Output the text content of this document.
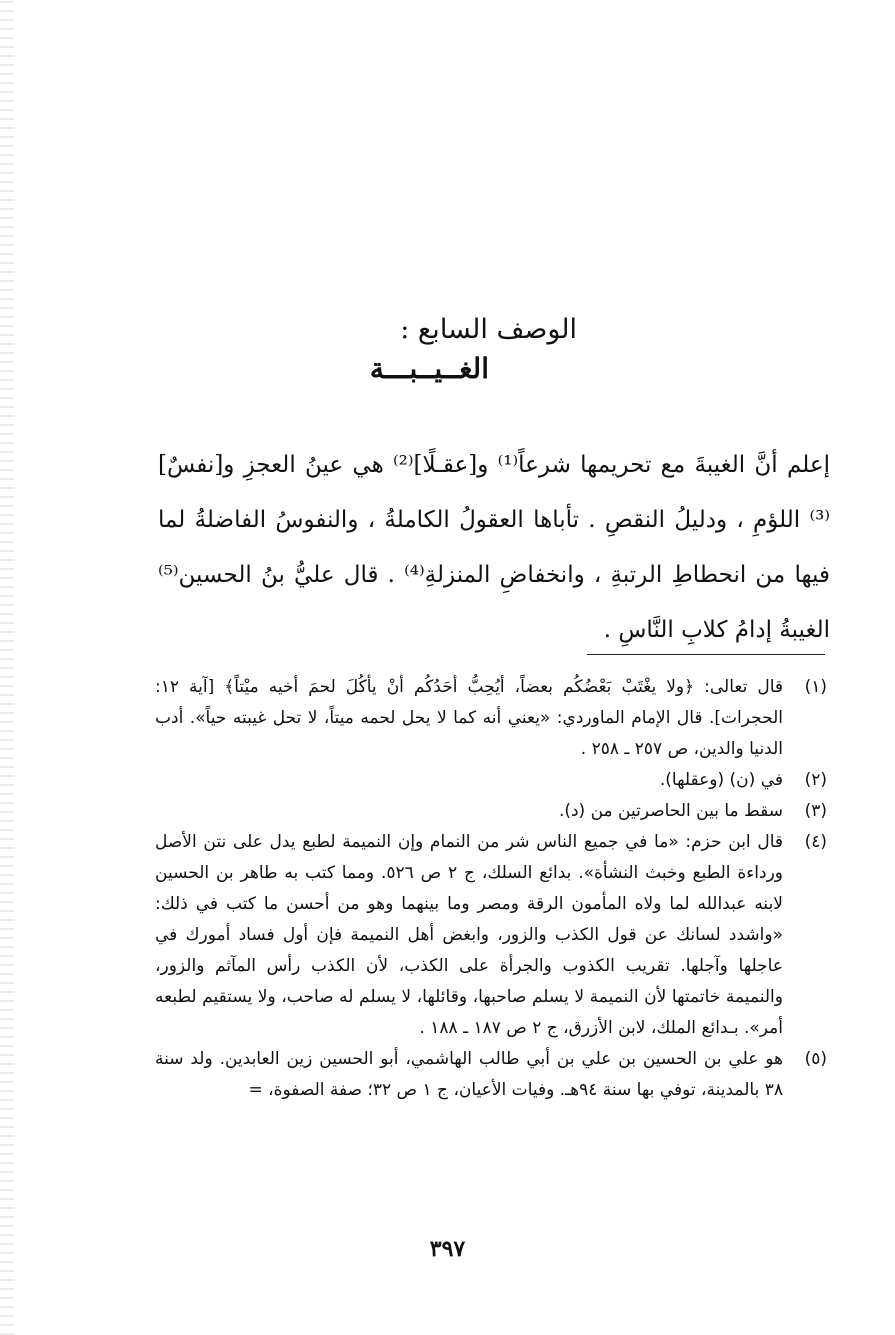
الوصف السابع :
الغــيــبـــة

إعلم أنَّ الغيبةَ مع تحريمها شرعاً⁽¹⁾ و[عقـلًا]⁽²⁾ هي عينُ العجزِ و[نفسٌ]⁽³⁾ اللؤمِ ، ودليلُ النقصِ . تأباها العقولُ الكاملةُ ، والنفوسُ الفاضلةُ لما فيها من انحطاطِ الرتبةِ ، وانخفاضِ المنزلةِ⁽⁴⁾ . قال عليُّ بنُ الحسين⁽⁵⁾ الغيبةُ إدامُ كلابِ النَّاسِ .

(١)
قال تعالى: ﴿ولا يغْتَبْ بَعْضُكُم بعضاً، أيُحِبُّ أحَدُكُم أنْ يأكُلَ لحمَ أخيه ميْتاً﴾ [آية ١٢: الحجرات]. قال الإمام الماوردي: «يعني أنه كما لا يحل لحمه ميتاً، لا تحل غيبته حياً». أدب الدنيا والدين، ص ٢٥٧ ـ ٢٥٨ .
(٢)
في (ن) (وعقلها).
(٣)
سقط ما بين الحاصرتين من (د).
(٤)
قال ابن حزم: «ما في جميع الناس شر من النمام وإن النميمة لطبع يدل على نتن الأصل ورداءة الطبع وخبث النشأة». بدائع السلك، ج ٢ ص ٥٢٦. ومما كتب به طاهر بن الحسين لابنه عبدالله لما ولاه المأمون الرقة ومصر وما بينهما وهو من أحسن ما كتب في ذلك: «واشدد لسانك عن قول الكذب والزور، وابغض أهل النميمة فإن أول فساد أمورك في عاجلها وآجلها. تقريب الكذوب والجرأة على الكذب، لأن الكذب رأس المآثم والزور، والنميمة خاتمتها لأن النميمة لا يسلم صاحبها، وقائلها، لا يسلم له صاحب، ولا يستقيم لطبعه أمر». بـدائع الملك، لابن الأزرق، ج ٢ ص ١٨٧ ـ ١٨٨ .
(٥)
هو علي بن الحسين بن علي بن أبي طالب الهاشمي، أبو الحسين زين العابدين. ولد سنة ٣٨ بالمدينة، توفي بها سنة ٩٤هـ. وفيات الأعيان، ج ١ ص ٣٢؛ صفة الصفوة، =
٣٩٧
